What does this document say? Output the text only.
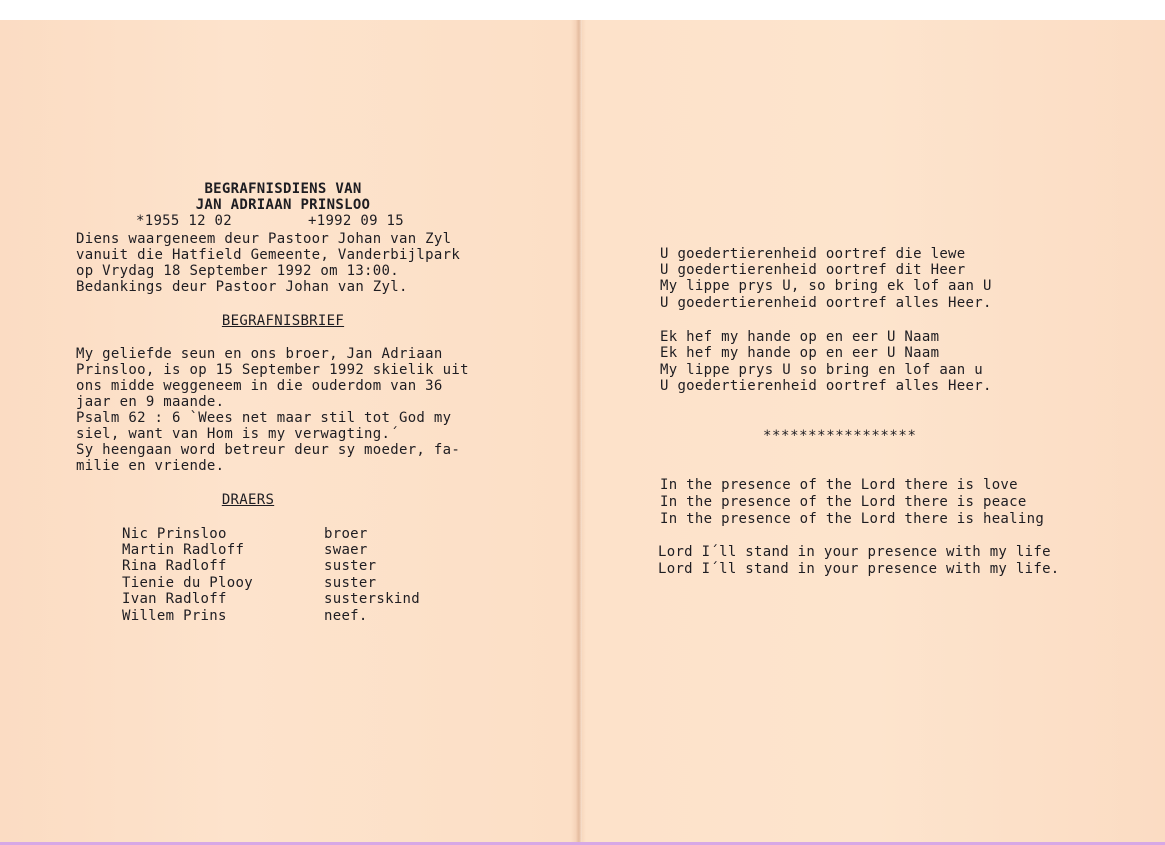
BEGRAFNISDIENS VAN
JAN ADRIAAN PRINSLOO
*1955 12 02	+1992 09 15
Diens waargeneem deur Pastoor Johan van Zyl
vanuit die Hatfield Gemeente, Vanderbijlpark
op Vrydag 18 September 1992 om 13:00.
Bedankings deur Pastoor Johan van Zyl.
BEGRAFNISBRIEF
My geliefde seun en ons broer, Jan Adriaan
Prinsloo, is op 15 September 1992 skielik uit
ons midde weggeneem in die ouderdom van 36
jaar en 9 maande.
Psalm 62 : 6 `Wees net maar stil tot God my
siel, want van Hom is my verwagting.´
Sy heengaan word betreur deur sy moeder, fa-
milie en vriende.
DRAERS
Nic Prinsloo	broer
Martin Radloff	swaer
Rina Radloff	suster
Tienie du Plooy	suster
Ivan Radloff	susterskind
Willem Prins	neef.
U goedertierenheid oortref die lewe
U goedertierenheid oortref dit Heer
My lippe prys U, so bring ek lof aan U
U goedertierenheid oortref alles Heer.
Ek hef my hande op en eer U Naam
Ek hef my hande op en eer U Naam
My lippe prys U so bring en lof aan u
U goedertierenheid oortref alles Heer.
*****************
In the presence of the Lord there is love
In the presence of the Lord there is peace
In the presence of the Lord there is healing
Lord I´ll stand in your presence with my life
Lord I´ll stand in your presence with my life.
